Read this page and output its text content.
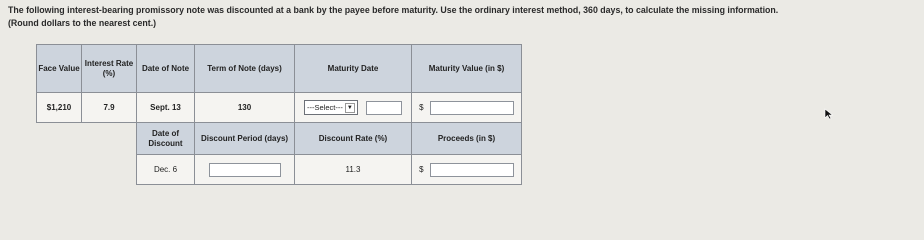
The following interest-bearing promissory note was discounted at a bank by the payee before maturity. Use the ordinary interest method, 360 days, to calculate the missing information.
(Round dollars to the nearest cent.)
Face Value	Interest Rate (%)	Date of Note	Term of Note (days)	Maturity Date	Maturity Value (in $)

$1,210	7.9	Sept. 13	130	---Select--- ▼	$

		Date of Discount	Discount Period (days)	Discount Rate (%)	Proceeds (in $)

		Dec. 6		11.3	$
